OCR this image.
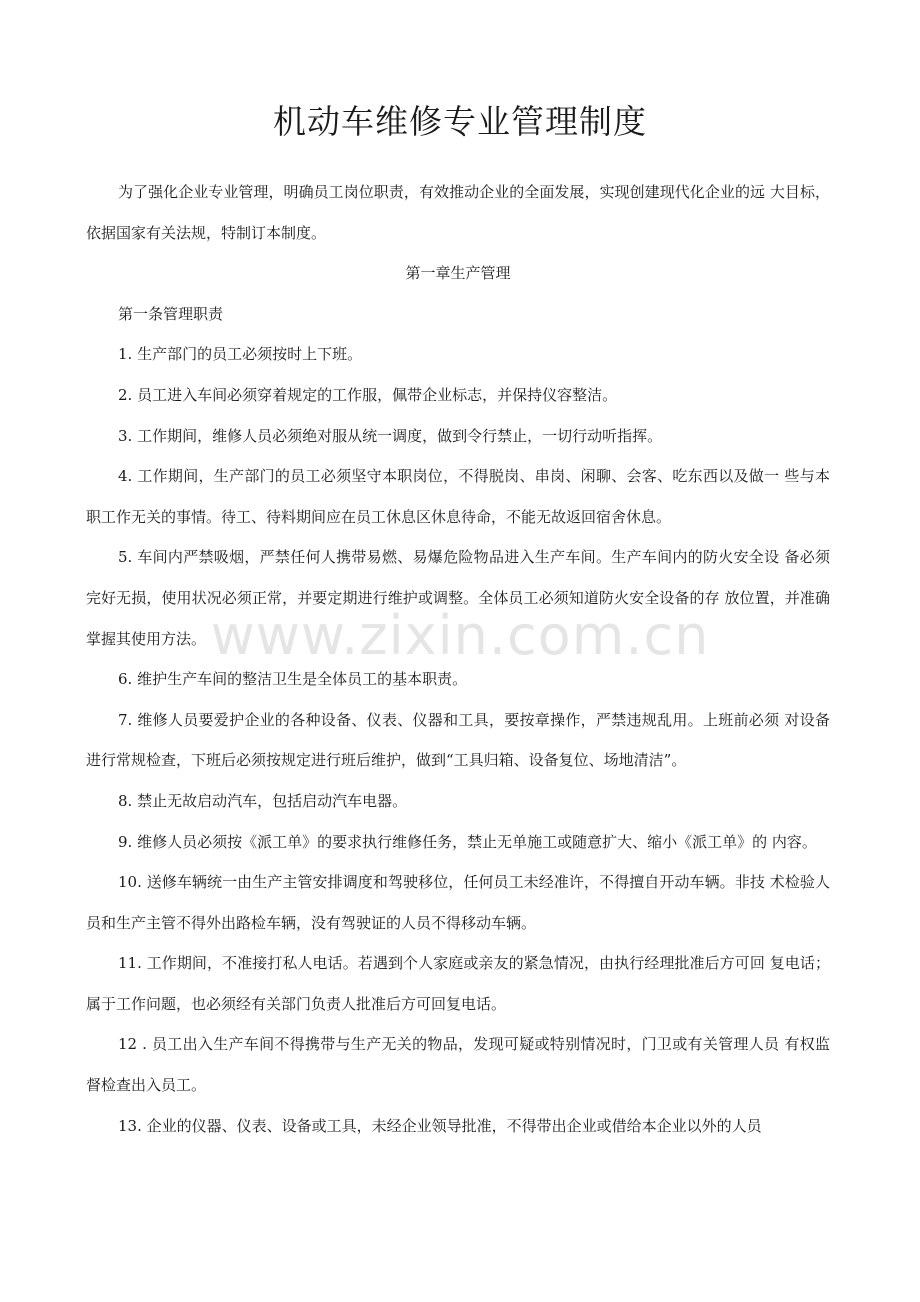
机动车维修专业管理制度

为了强化企业专业管理，明确员工岗位职责，有效推动企业的全面发展，实现创建现代化企业的远 大目标，依据国家有关法规，特制订本制度。

第一章生产管理

第一条管理职责

1. 生产部门的员工必须按时上下班。

2. 员工进入车间必须穿着规定的工作服，佩带企业标志，并保持仪容整洁。

3. 工作期间，维修人员必须绝对服从统一调度，做到令行禁止，一切行动听指挥。

4. 工作期间，生产部门的员工必须坚守本职岗位，不得脱岗、串岗、闲聊、会客、吃东西以及做一 些与本职工作无关的事情。待工、待料期间应在员工休息区休息待命，不能无故返回宿舍休息。

5. 车间内严禁吸烟，严禁任何人携带易燃、易爆危险物品进入生产车间。生产车间内的防火安全设 备必须完好无损，使用状况必须正常，并要定期进行维护或调整。全体员工必须知道防火安全设备的存 放位置，并准确掌握其使用方法。

6. 维护生产车间的整洁卫生是全体员工的基本职责。

7. 维修人员要爱护企业的各种设备、仪表、仪器和工具，要按章操作，严禁违规乱用。上班前必须 对设备进行常规检查，下班后必须按规定进行班后维护，做到“工具归箱、设备复位、场地清洁”。

8. 禁止无故启动汽车，包括启动汽车电器。

9. 维修人员必须按《派工单》的要求执行维修任务，禁止无单施工或随意扩大、缩小《派工单》的 内容。

10. 送修车辆统一由生产主管安排调度和驾驶移位，任何员工未经准许，不得擅自开动车辆。非技 术检验人员和生产主管不得外出路检车辆，没有驾驶证的人员不得移动车辆。

11. 工作期间，不准接打私人电话。若遇到个人家庭或亲友的紧急情况，由执行经理批准后方可回 复电话；属于工作问题，也必须经有关部门负责人批准后方可回复电话。

12 . 员工出入生产车间不得携带与生产无关的物品，发现可疑或特别情况时，门卫或有关管理人员 有权监督检查出入员工。

13. 企业的仪器、仪表、设备或工具，未经企业领导批准，不得带出企业或借给本企业以外的人员

www.zixin.com.cn
